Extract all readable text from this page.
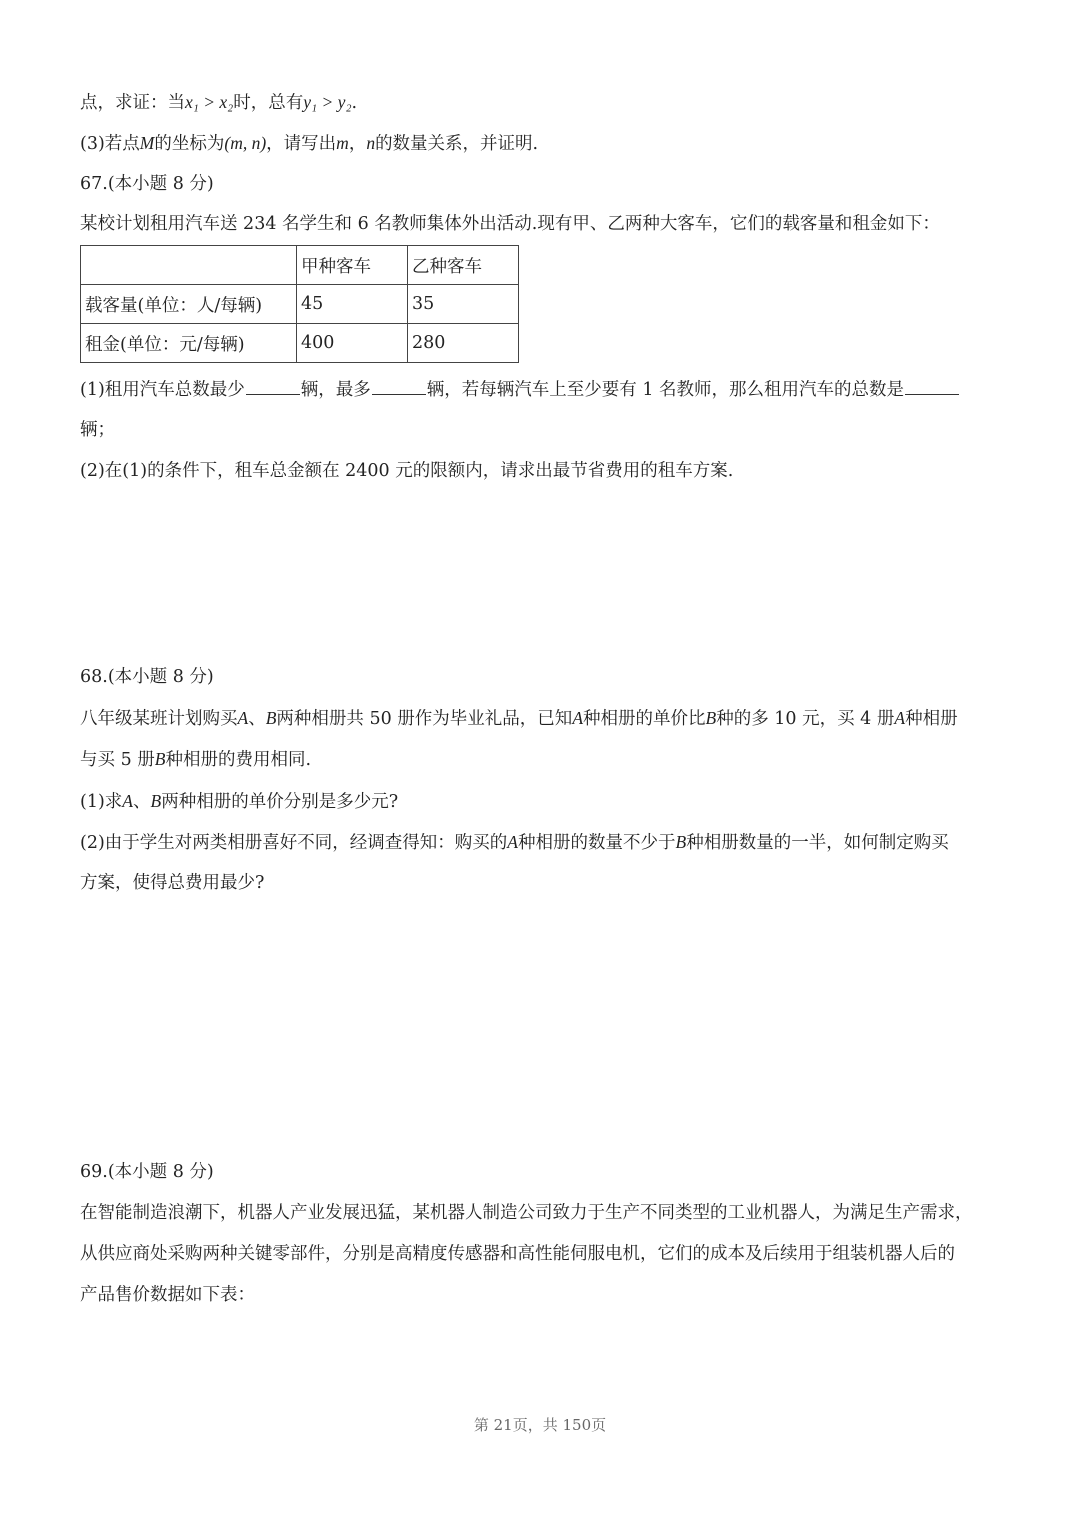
点，求证：当x₁ > x₂时，总有y₁ > y₂.
(3)若点M的坐标为(m, n)，请写出m，n的数量关系，并证明.
67.(本小题 8 分)
某校计划租用汽车送 234 名学生和 6 名教师集体外出活动.现有甲、乙两种大客车，它们的载客量和租金如下：
	甲种客车	乙种客车
载客量(单位：人/每辆)	45	35
租金(单位：元/每辆)	400	280
(1)租用汽车总数最少	辆，最多	辆，若每辆汽车上至少要有 1 名教师，那么租用汽车的总数是
辆；
(2)在(1)的条件下，租车总金额在 2400 元的限额内，请求出最节省费用的租车方案.
68.(本小题 8 分)
八年级某班计划购买A、B两种相册共 50 册作为毕业礼品，已知A种相册的单价比B种的多 10 元，买 4 册A种相册
与买 5 册B种相册的费用相同.
(1)求A、B两种相册的单价分别是多少元?
(2)由于学生对两类相册喜好不同，经调查得知：购买的A种相册的数量不少于B种相册数量的一半，如何制定购买
方案，使得总费用最少?
69.(本小题 8 分)
在智能制造浪潮下，机器人产业发展迅猛，某机器人制造公司致力于生产不同类型的工业机器人，为满足生产需求，
从供应商处采购两种关键零部件，分别是高精度传感器和高性能伺服电机，它们的成本及后续用于组装机器人后的
产品售价数据如下表：
第 21页，共 150页
